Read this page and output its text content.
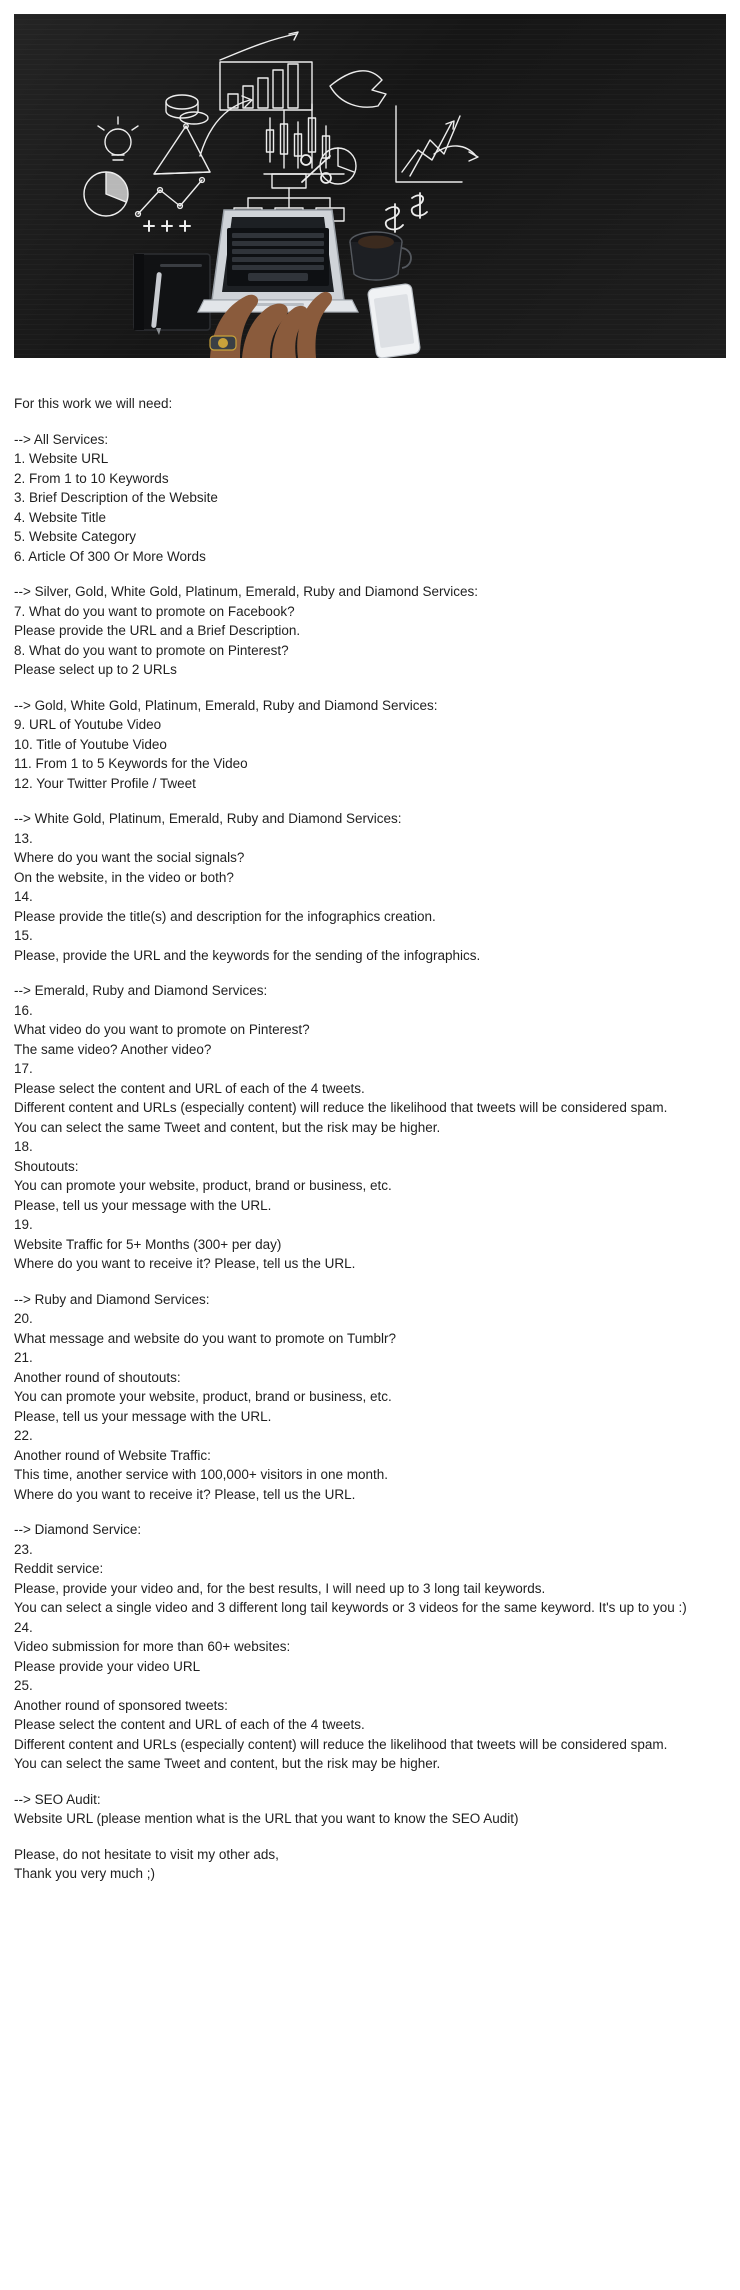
For this work we will need:
--> All Services:
1. Website URL
2. From 1 to 10 Keywords
3. Brief Description of the Website
4. Website Title
5. Website Category
6. Article Of 300 Or More Words
--> Silver, Gold, White Gold, Platinum, Emerald, Ruby and Diamond Services:
7. What do you want to promote on Facebook?
Please provide the URL and a Brief Description.
8. What do you want to promote on Pinterest?
Please select up to 2 URLs
--> Gold, White Gold, Platinum, Emerald, Ruby and Diamond Services:
9. URL of Youtube Video
10. Title of Youtube Video
11. From 1 to 5 Keywords for the Video
12. Your Twitter Profile / Tweet
--> White Gold, Platinum, Emerald, Ruby and Diamond Services:
13.
Where do you want the social signals?
On the website, in the video or both?
14.
Please provide the title(s) and description for the infographics creation.
15.
Please, provide the URL and the keywords for the sending of the infographics.
--> Emerald, Ruby and Diamond Services:
16.
What video do you want to promote on Pinterest?
The same video? Another video?
17.
Please select the content and URL of each of the 4 tweets.
Different content and URLs (especially content) will reduce the likelihood that tweets will be considered spam.
You can select the same Tweet and content, but the risk may be higher.
18.
Shoutouts:
You can promote your website, product, brand or business, etc.
Please, tell us your message with the URL.
19.
Website Traffic for 5+ Months (300+ per day)
Where do you want to receive it? Please, tell us the URL.
--> Ruby and Diamond Services:
20.
What message and website do you want to promote on Tumblr?
21.
Another round of shoutouts:
You can promote your website, product, brand or business, etc.
Please, tell us your message with the URL.
22.
Another round of Website Traffic:
This time, another service with 100,000+ visitors in one month.
Where do you want to receive it? Please, tell us the URL.
--> Diamond Service:
23.
Reddit service:
Please, provide your video and, for the best results, I will need up to 3 long tail keywords.
You can select a single video and 3 different long tail keywords or 3 videos for the same keyword. It's up to you :)
24.
Video submission for more than 60+ websites:
Please provide your video URL
25.
Another round of sponsored tweets:
Please select the content and URL of each of the 4 tweets.
Different content and URLs (especially content) will reduce the likelihood that tweets will be considered spam.
You can select the same Tweet and content, but the risk may be higher.
--> SEO Audit:
Website URL (please mention what is the URL that you want to know the SEO Audit)
Please, do not hesitate to visit my other ads,
Thank you very much ;)
